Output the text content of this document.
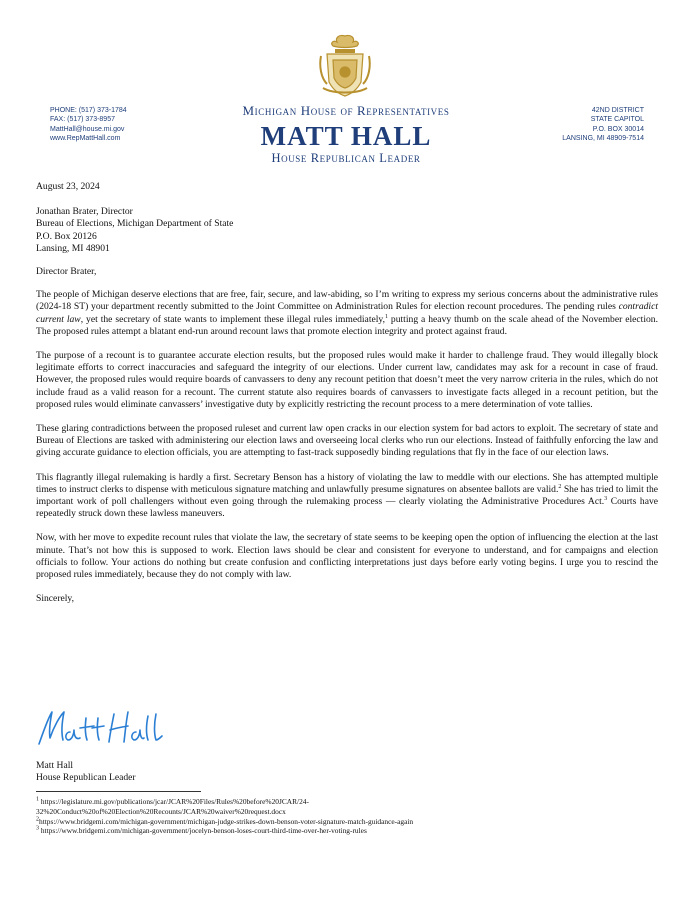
PHONE: (517) 373-1784
FAX: (517) 373-8957
MattHall@house.mi.gov
www.RepMattHall.com
Michigan House of Representatives
MATT HALL
House Republican Leader
42ND DISTRICT
STATE CAPITOL
P.O. BOX 30014
LANSING, MI 48909-7514

August 23, 2024

Jonathan Brater, Director

Bureau of Elections, Michigan Department of State

P.O. Box 20126

Lansing, MI 48901

Director Brater,

The people of Michigan deserve elections that are free, fair, secure, and law-abiding, so I’m writing to express my serious concerns about the administrative rules (2024-18 ST) your department recently submitted to the Joint Committee on Administration Rules for election recount procedures. The pending rules contradict current law, yet the secretary of state wants to implement these illegal rules immediately,$^1$ putting a heavy thumb on the scale ahead of the November election. The proposed rules attempt a blatant end-run around recount laws that promote election integrity and protect against fraud.

The purpose of a recount is to guarantee accurate election results, but the proposed rules would make it harder to challenge fraud. They would illegally block legitimate efforts to correct inaccuracies and safeguard the integrity of our elections. Under current law, candidates may ask for a recount in case of fraud. However, the proposed rules would require boards of canvassers to deny any recount petition that doesn’t meet the very narrow criteria in the rules, which do not include fraud as a valid reason for a recount. The current statute also requires boards of canvassers to investigate facts alleged in a recount petition, but the proposed rules would eliminate canvassers’ investigative duty by explicitly restricting the recount process to a mere determination of vote tallies.

These glaring contradictions between the proposed ruleset and current law open cracks in our election system for bad actors to exploit. The secretary of state and Bureau of Elections are tasked with administering our election laws and overseeing local clerks who run our elections. Instead of faithfully enforcing the law and giving accurate guidance to election officials, you are attempting to fast-track supposedly binding regulations that fly in the face of our election laws.

This flagrantly illegal rulemaking is hardly a first. Secretary Benson has a history of violating the law to meddle with our elections. She has attempted multiple times to instruct clerks to dispense with meticulous signature matching and unlawfully presume signatures on absentee ballots are valid.$^2$ She has tried to limit the important work of poll challengers without even going through the rulemaking process — clearly violating the Administrative Procedures Act.$^3$ Courts have repeatedly struck down these lawless maneuvers.

Now, with her move to expedite recount rules that violate the law, the secretary of state seems to be keeping open the option of influencing the election at the last minute. That’s not how this is supposed to work. Election laws should be clear and consistent for everyone to understand, and for campaigns and election officials to follow. Your actions do nothing but create confusion and conflicting interpretations just days before early voting begins. I urge you to rescind the proposed rules immediately, because they do not comply with law.

Sincerely,

Matt Hall
House Republican Leader
$^1$ https://legislature.mi.gov/publications/jcar/JCAR%20Files/Rules%20before%20JCAR/24-
32%20Conduct%20of%20Election%20Recounts/JCAR%20waiver%20request.docx
$^2$https://www.bridgemi.com/michigan-government/michigan-judge-strikes-down-benson-voter-signature-match-guidance-again
$^3$ https://www.bridgemi.com/michigan-government/jocelyn-benson-loses-court-third-time-over-her-voting-rules
